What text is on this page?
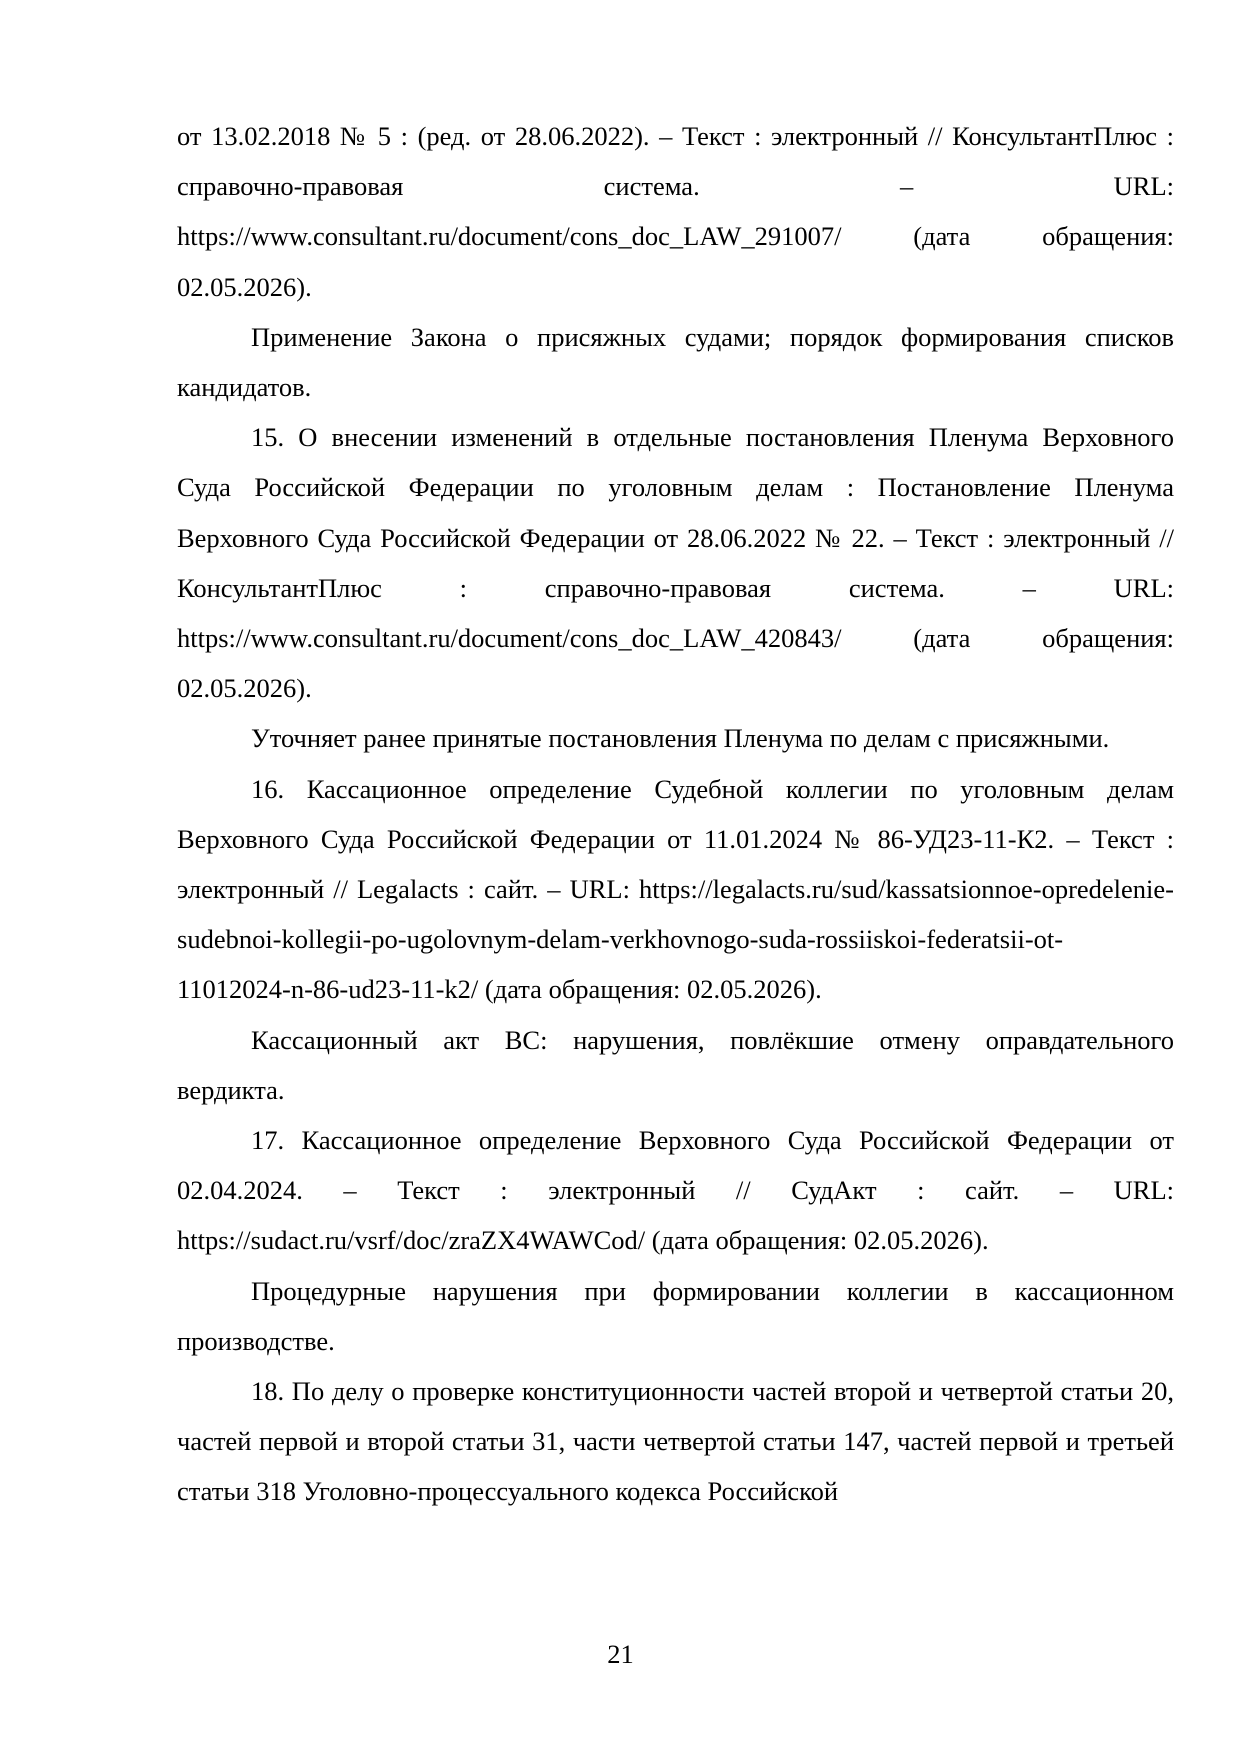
от 13.02.2018 № 5 : (ред. от 28.06.2022). – Текст : электронный // КонсультантПлюс : справочно-правовая система. – URL: https://www.consultant.ru/document/cons_doc_LAW_291007/ (дата обращения: 02.05.2026).

Применение Закона о присяжных судами; порядок формирования списков кандидатов.

15. О внесении изменений в отдельные постановления Пленума Верховного Суда Российской Федерации по уголовным делам : Постановление Пленума Верховного Суда Российской Федерации от 28.06.2022 № 22. – Текст : электронный // КонсультантПлюс : справочно-правовая система. – URL: https://www.consultant.ru/document/cons_doc_LAW_420843/ (дата обращения: 02.05.2026).

Уточняет ранее принятые постановления Пленума по делам с присяжными.

16. Кассационное определение Судебной коллегии по уголовным делам Верховного Суда Российской Федерации от 11.01.2024 № 86-УД23-11-К2. – Текст : электронный // Legalacts : сайт. – URL: https://legalacts.ru/sud/kassatsionnoe-opredelenie-sudebnoi-kollegii-po-ugolovnym-delam-verkhovnogo-suda-rossiiskoi-federatsii-ot-11012024-n-86-ud23-11-k2/ (дата обращения: 02.05.2026).

Кассационный акт ВС: нарушения, повлёкшие отмену оправдательного вердикта.

17. Кассационное определение Верховного Суда Российской Федерации от 02.04.2024. – Текст : электронный // СудАкт : сайт. – URL: https://sudact.ru/vsrf/doc/zraZX4WAWCod/ (дата обращения: 02.05.2026).

Процедурные нарушения при формировании коллегии в кассационном производстве.

18. По делу о проверке конституционности частей второй и четвертой статьи 20, частей первой и второй статьи 31, части четвертой статьи 147, частей первой и третьей статьи 318 Уголовно-процессуального кодекса Российской

21
